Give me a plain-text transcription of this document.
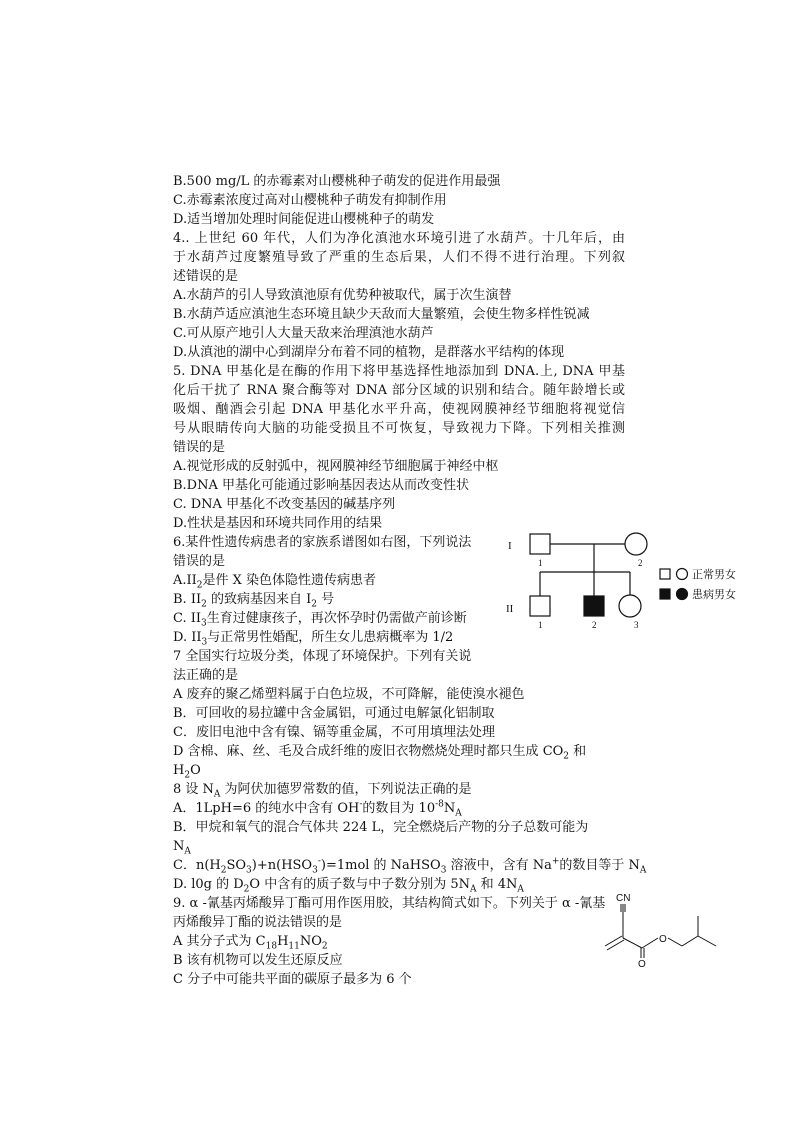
B.500 mg/L 的赤霉素对山樱桃种子萌发的促进作用最强
C.赤霉素浓度过高对山樱桃种子萌发有抑制作用
D.适当增加处理时间能促进山樱桃种子的萌发
4.. 上世纪 60 年代，人们为净化滇池水环境引进了水葫芦。十几年后，由
于水葫芦过度繁殖导致了严重的生态后果，人们不得不进行治理。下列叙
述错误的是
A.水葫芦的引人导致滇池原有优势种被取代，属于次生演替
B.水葫芦适应滇池生态环境且缺少天敌而大量繁殖，会使生物多样性锐减
C.可从原产地引人大量天敌来治理滇池水葫芦
D.从滇池的湖中心到湖岸分布着不同的植物，是群落水平结构的体现
5. DNA 甲基化是在酶的作用下将甲基选择性地添加到 DNA.上, DNA 甲基
化后干扰了 RNA 聚合酶等对 DNA 部分区域的识别和结合。随年龄增长或
吸烟、酗酒会引起 DNA 甲基化水平升高，使视网膜神经节细胞将视觉信
号从眼睛传向大脑的功能受损且不可恢复，导致视力下降。下列相关推测
错误的是
A.视觉形成的反射弧中，视网膜神经节细胞属于神经中枢
B.DNA 甲基化可能通过影响基因表达从而改变性状
C. DNA 甲基化不改变基因的碱基序列
D.性状是基因和环境共同作用的结果
6.某件性遗传病患者的家族系谱图如右图，下列说法
错误的是
$A.II_2$是件 X 染色体隐性遗传病患者
B. $II_2$ 的致病基因来自 $I_2$ 号
C. $II_3$生育过健康孩子，再次怀孕时仍需做产前诊断
D. $II_3$与正常男性婚配，所生女儿患病概率为 1/2
7 全国实行垃圾分类，体现了环境保护。下列有关说
法正确的是
A 废弃的聚乙烯塑料属于白色垃圾，不可降解，能使溴水褪色
B．可回收的易拉罐中含金属铝，可通过电解氯化铝制取
C．废旧电池中含有镍、镉等重金属，不可用填埋法处理
D 含棉、麻、丝、毛及合成纤维的废旧衣物燃烧处理时都只生成 $CO_2$ 和
$H_2O$
8 设 $N_A$ 为阿伏加德罗常数的值，下列说法正确的是
A．1LpH=6 的纯水中含有 OH-的数目为 $10^{-8}N_A$
B．甲烷和氧气的混合气体共 224 L，完全燃烧后产物的分子总数可能为
$N_A$
C．$n(H_2SO_3)+n(HSO_3^-)=1mol$ 的 NaHSO$_3$ 溶液中，含有 Na+的数目等于 $N_A$
D. l0g 的 $D_2O$ 中含有的质子数与中子数分别为 $5N_A$ 和 $4N_A$
9. α -氰基丙烯酸异丁酯可用作医用胶，其结构简式如下。下列关于 α -氰基
丙烯酸异丁酯的说法错误的是
A 其分子式为 $C_{18}H_{11}NO_2$
B 该有机物可以发生还原反应
C 分子中可能共平面的碳原子最多为 6 个
I
II
1	2
1	2	3
正常男女
患病男女
CN
O
O
